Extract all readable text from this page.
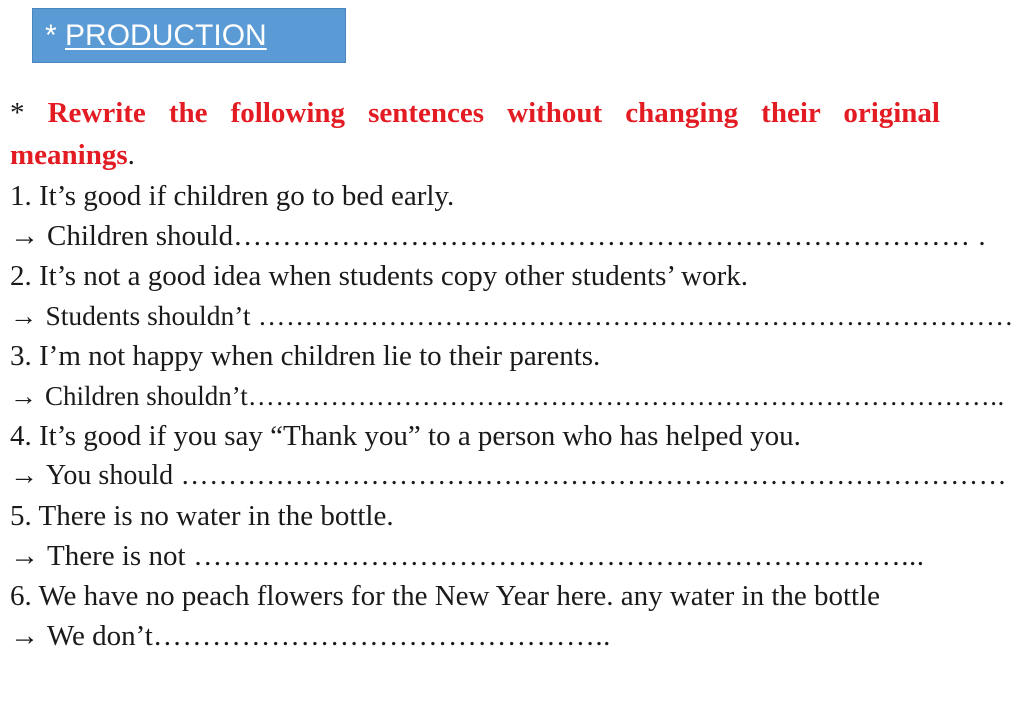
* PRODUCTION
* Rewrite the following sentences without changing their original meanings.
1. It’s good if children go to bed early.
→ Children should………………………………………………………………… .
2. It’s not a good idea when students copy other students’ work.
→ Students shouldn’t ………………………………………………………………………
3. I’m not happy when children lie to their parents.
→ Children shouldn’t………………………………………………………………………..
4. It’s good if you say “Thank you” to a person who has helped you.
→ You should ……………………………………………………………………………
5. There is no water in the bottle.
→ There is not ………………………………………………………………...
6. We have no peach flowers for the New Year here. any water in the bottle
→ We don’t………………………………………..
